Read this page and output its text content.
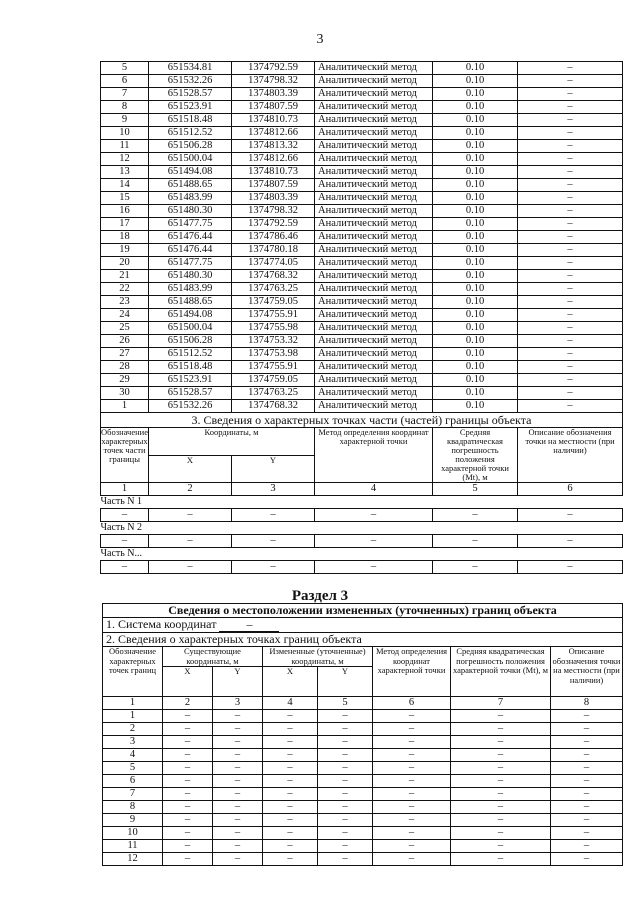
3
5	651534.81	1374792.59	Аналитический метод	0.10	–
6	651532.26	1374798.32	Аналитический метод	0.10	–
7	651528.57	1374803.39	Аналитический метод	0.10	–
8	651523.91	1374807.59	Аналитический метод	0.10	–
9	651518.48	1374810.73	Аналитический метод	0.10	–
10	651512.52	1374812.66	Аналитический метод	0.10	–
11	651506.28	1374813.32	Аналитический метод	0.10	–
12	651500.04	1374812.66	Аналитический метод	0.10	–
13	651494.08	1374810.73	Аналитический метод	0.10	–
14	651488.65	1374807.59	Аналитический метод	0.10	–
15	651483.99	1374803.39	Аналитический метод	0.10	–
16	651480.30	1374798.32	Аналитический метод	0.10	–
17	651477.75	1374792.59	Аналитический метод	0.10	–
18	651476.44	1374786.46	Аналитический метод	0.10	–
19	651476.44	1374780.18	Аналитический метод	0.10	–
20	651477.75	1374774.05	Аналитический метод	0.10	–
21	651480.30	1374768.32	Аналитический метод	0.10	–
22	651483.99	1374763.25	Аналитический метод	0.10	–
23	651488.65	1374759.05	Аналитический метод	0.10	–
24	651494.08	1374755.91	Аналитический метод	0.10	–
25	651500.04	1374755.98	Аналитический метод	0.10	–
26	651506.28	1374753.32	Аналитический метод	0.10	–
27	651512.52	1374753.98	Аналитический метод	0.10	–
28	651518.48	1374755.91	Аналитический метод	0.10	–
29	651523.91	1374759.05	Аналитический метод	0.10	–
30	651528.57	1374763.25	Аналитический метод	0.10	–
1	651532.26	1374768.32	Аналитический метод	0.10	–
3. Сведения о характерных точках части (частей) границы объекта					
Обозначение характерных точек части границы	Координаты, м		Метод определения координат характерной точки	Средняя квадратическая погрешность положения характерной точки (Mt), м	Описание обозначения точки на местности (при наличии)
	X	Y			
1	2	3	4	5	6
Часть N 1					
–	–	–	–	–	–
Часть N 2					
–	–	–	–	–	–
Часть N...					
–	–	–	–	–	–
Раздел 3
Сведения о местоположении измененных (уточненных) границ объекта							
1. Система координат –							
2. Сведения о характерных точках границ объекта							
Обозначение характерных точек границ	Существующие координаты, м		Измененные (уточненные) координаты, м		Метод определения координат характерной точки	Средняя квадратическая погрешность положения характерной точки (Mt), м	Описание обозначения точки на местности (при наличии)
	X	Y	X	Y			
1	2	3	4	5	6	7	8
1	–	–	–	–	–	–	–
2	–	–	–	–	–	–	–
3	–	–	–	–	–	–	–
4	–	–	–	–	–	–	–
5	–	–	–	–	–	–	–
6	–	–	–	–	–	–	–
7	–	–	–	–	–	–	–
8	–	–	–	–	–	–	–
9	–	–	–	–	–	–	–
10	–	–	–	–	–	–	–
11	–	–	–	–	–	–	–
12	–	–	–	–	–	–	–
